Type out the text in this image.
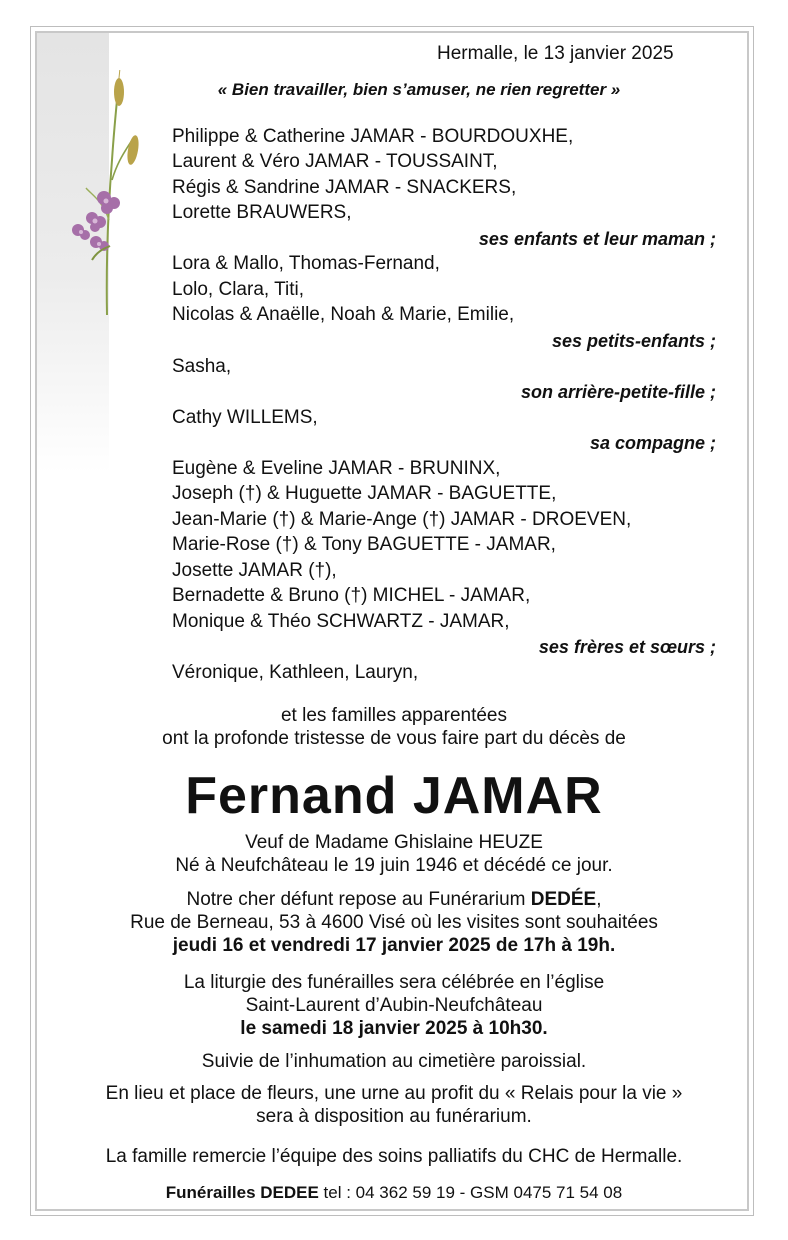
Hermalle, le 13 janvier 2025
« Bien travailler, bien s’amuser, ne rien regretter »
Philippe & Catherine JAMAR - BOURDOUXHE,
Laurent & Véro JAMAR - TOUSSAINT,
Régis & Sandrine JAMAR - SNACKERS,
Lorette BRAUWERS,
ses enfants et leur maman ;
Lora & Mallo, Thomas-Fernand,
Lolo, Clara, Titi,
Nicolas & Anaëlle, Noah & Marie, Emilie,
ses petits-enfants ;
Sasha,
son arrière-petite-fille ;
Cathy WILLEMS,
sa compagne ;
Eugène & Eveline JAMAR - BRUNINX,
Joseph (†) & Huguette JAMAR - BAGUETTE,
Jean-Marie (†) & Marie-Ange (†) JAMAR - DROEVEN,
Marie-Rose (†) & Tony BAGUETTE - JAMAR,
Josette JAMAR (†),
Bernadette & Bruno (†) MICHEL - JAMAR,
Monique & Théo SCHWARTZ - JAMAR,
ses frères et sœurs ;
Véronique, Kathleen, Lauryn,
et les familles apparentées
ont la profonde tristesse de vous faire part du décès de
Fernand JAMAR
Veuf de Madame Ghislaine HEUZE
Né à Neufchâteau le 19 juin 1946 et décédé ce jour.
Notre cher défunt repose au Funérarium DEDÉE,
Rue de Berneau, 53 à 4600 Visé où les visites sont souhaitées
jeudi 16 et vendredi 17 janvier 2025 de 17h à 19h.
La liturgie des funérailles sera célébrée en l’église
Saint-Laurent d’Aubin-Neufchâteau
le samedi 18 janvier 2025 à 10h30.
Suivie de l’inhumation au cimetière paroissial.
En lieu et place de fleurs, une urne au profit du « Relais pour la vie »
sera à disposition au funérarium.
La famille remercie l’équipe des soins palliatifs du CHC de Hermalle.
Funérailles DEDEE tel : 04 362 59 19 - GSM 0475 71 54 08
